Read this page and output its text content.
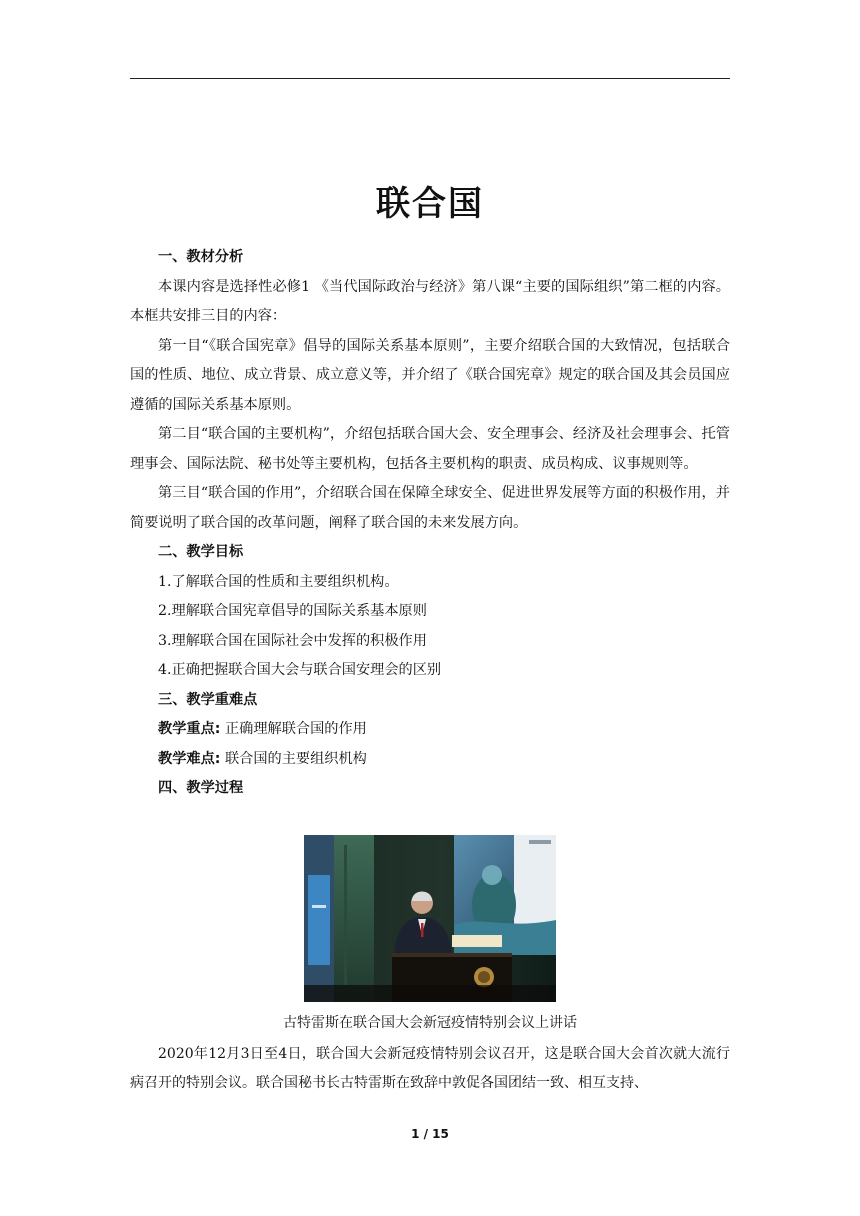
联合国

一、教材分析

本课内容是选择性必修1 《当代国际政治与经济》第八课“主要的国际组织”第二框的内容。本框共安排三目的内容：

第一目“《联合国宪章》倡导的国际关系基本原则”，主要介绍联合国的大致情况，包括联合国的性质、地位、成立背景、成立意义等，并介绍了《联合国宪章》规定的联合国及其会员国应遵循的国际关系基本原则。

第二目“联合国的主要机构”，介绍包括联合国大会、安全理事会、经济及社会理事会、托管理事会、国际法院、秘书处等主要机构，包括各主要机构的职责、成员构成、议事规则等。

第三目“联合国的作用”，介绍联合国在保障全球安全、促进世界发展等方面的积极作用，并简要说明了联合国的改革问题，阐释了联合国的未来发展方向。

二、教学目标

1.了解联合国的性质和主要组织机构。

2.理解联合国宪章倡导的国际关系基本原则

3.理解联合国在国际社会中发挥的积极作用

4.正确把握联合国大会与联合国安理会的区别

三、教学重难点

教学重点: 正确理解联合国的作用

教学难点: 联合国的主要组织机构

四、教学过程

古特雷斯在联合国大会新冠疫情特别会议上讲话

2020年12月3日至4日，联合国大会新冠疫情特别会议召开，这是联合国大会首次就大流行病召开的特别会议。联合国秘书长古特雷斯在致辞中敦促各国团结一致、相互支持、

1 / 15
